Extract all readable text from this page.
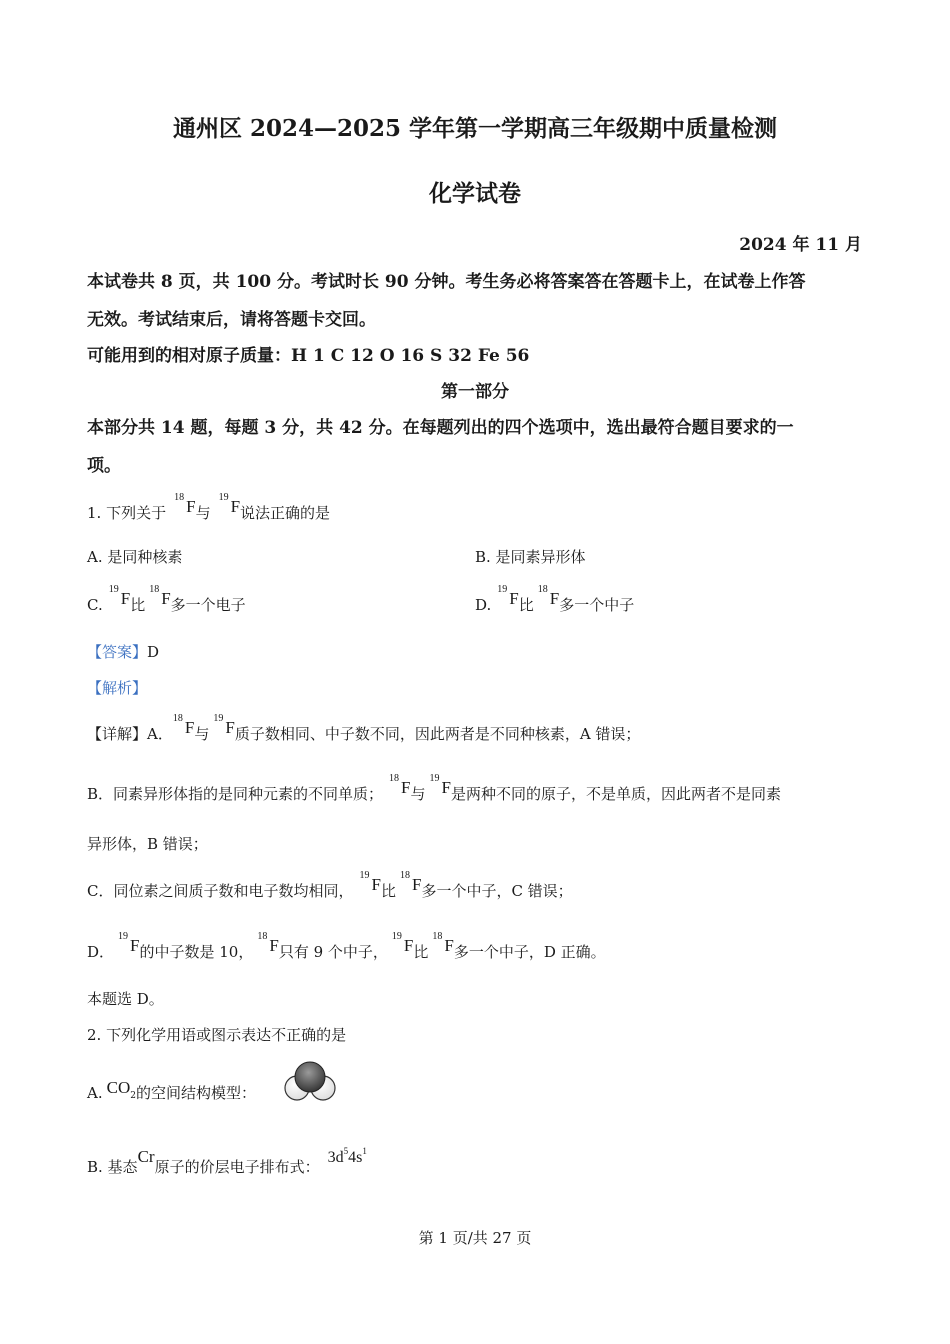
通州区 2024—2025 学年第一学期高三年级期中质量检测
化学试卷
2024 年 11 月
本试卷共 8 页，共 100 分。考试时长 90 分钟。考生务必将答案答在答题卡上，在试卷上作答
无效。考试结束后，请将答题卡交回。
可能用到的相对原子质量：H 1 C 12 O 16 S 32 Fe 56
第一部分
本部分共 14 题，每题 3 分，共 42 分。在每题列出的四个选项中，选出最符合题目要求的一
项。
1. 下列关于
18 F与
19 F说法正确的是
A. 是同种核素	B. 是同素异形体
C.
19 F比
18 F多一个电子	D.
19 F比
18 F多一个中子
【答案】D
【解析】
【详解】A．
18 F与
19 F质子数相同、中子数不同，因此两者是不同种核素，A 错误；
B．同素异形体指的是同种元素的不同单质；
18 F与
19 F是两种不同的原子，不是单质，因此两者不是同素
异形体，B 错误；
C．同位素之间质子数和电子数均相同，
19 F比
18 F多一个中子，C 错误；
D．
19 F的中子数是 10，
18 F只有 9 个中子，
19 F比
18 F多一个中子，D 正确。
本题选 D。
2. 下列化学用语或图示表达不正确的是
A. CO2的空间结构模型：
B. 基态Cr原子的价层电子排布式：$3d^54s^1$
第 1 页/共 27 页
